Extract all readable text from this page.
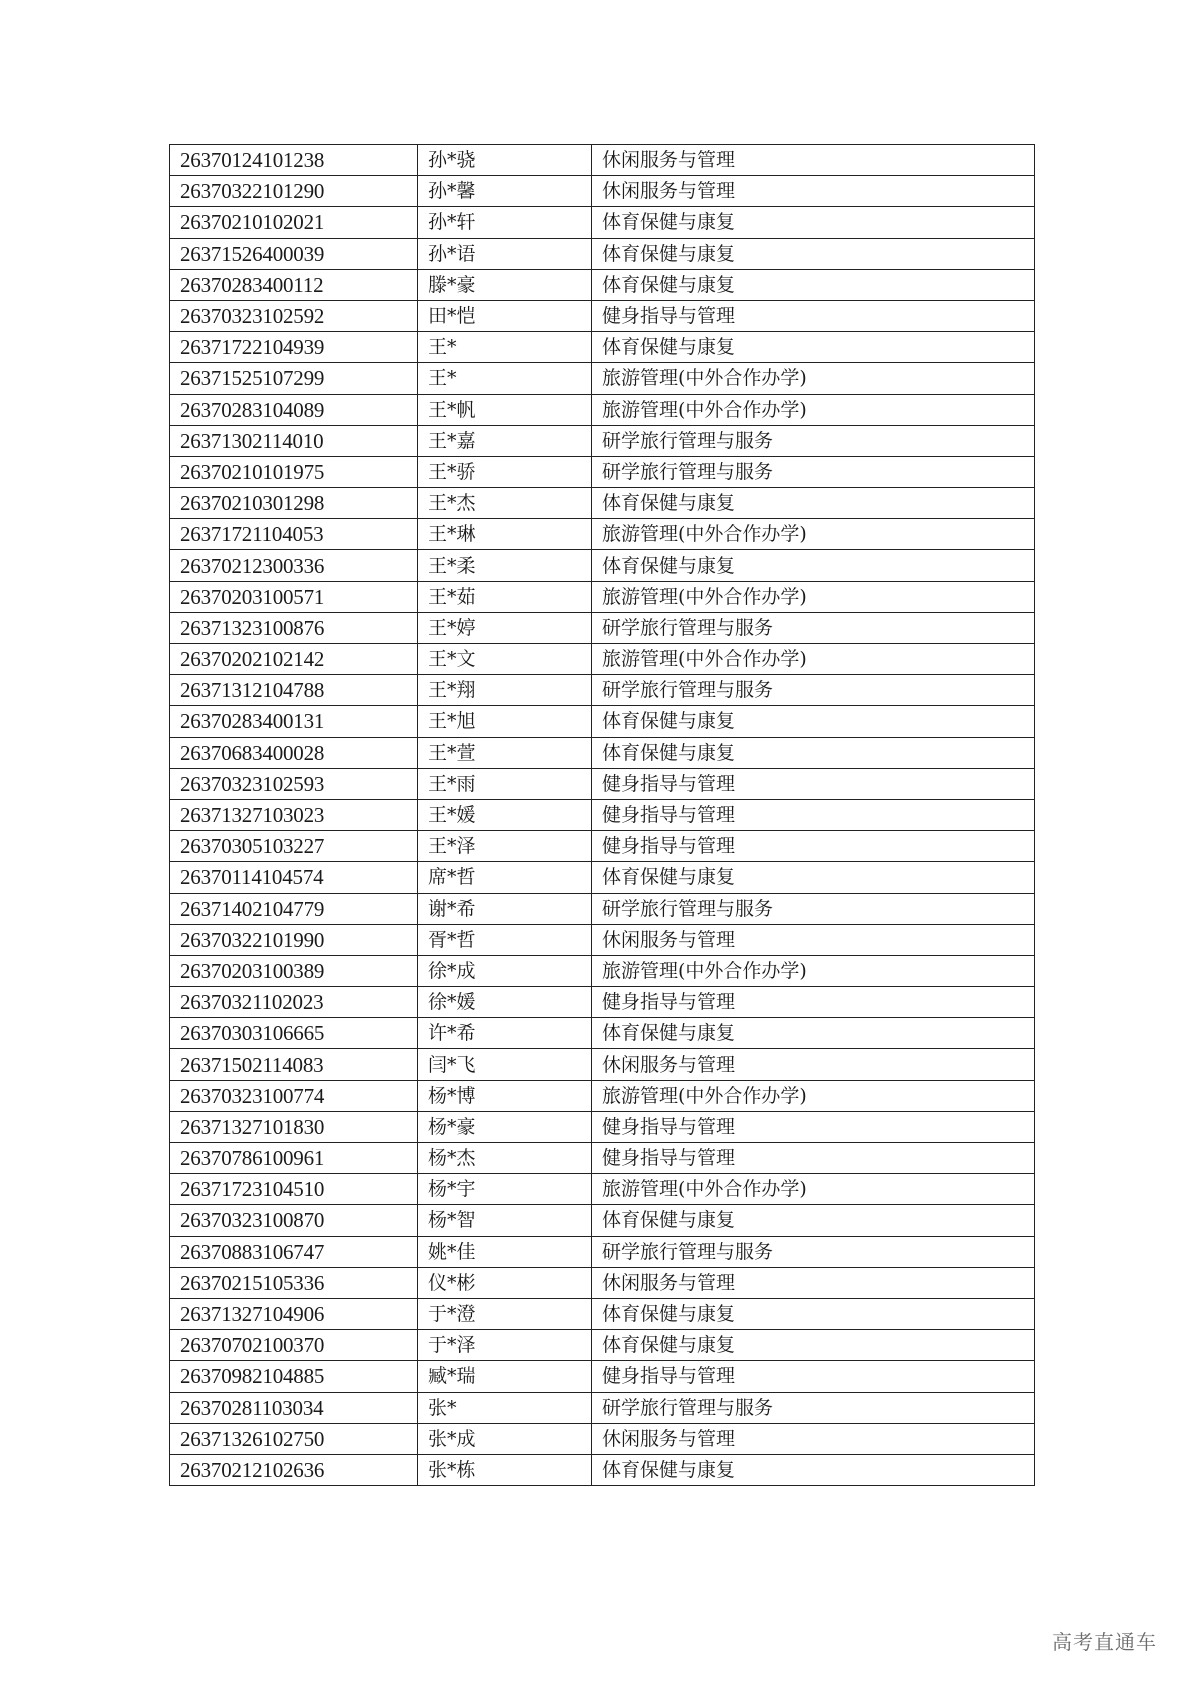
26370124101238	孙*骁	休闲服务与管理
26370322101290	孙*馨	休闲服务与管理
26370210102021	孙*轩	体育保健与康复
26371526400039	孙*语	体育保健与康复
26370283400112	滕*豪	体育保健与康复
26370323102592	田*恺	健身指导与管理
26371722104939	王*	体育保健与康复
26371525107299	王*	旅游管理(中外合作办学)
26370283104089	王*帆	旅游管理(中外合作办学)
26371302114010	王*嘉	研学旅行管理与服务
26370210101975	王*骄	研学旅行管理与服务
26370210301298	王*杰	体育保健与康复
26371721104053	王*琳	旅游管理(中外合作办学)
26370212300336	王*柔	体育保健与康复
26370203100571	王*茹	旅游管理(中外合作办学)
26371323100876	王*婷	研学旅行管理与服务
26370202102142	王*文	旅游管理(中外合作办学)
26371312104788	王*翔	研学旅行管理与服务
26370283400131	王*旭	体育保健与康复
26370683400028	王*萱	体育保健与康复
26370323102593	王*雨	健身指导与管理
26371327103023	王*媛	健身指导与管理
26370305103227	王*泽	健身指导与管理
26370114104574	席*哲	体育保健与康复
26371402104779	谢*希	研学旅行管理与服务
26370322101990	胥*哲	休闲服务与管理
26370203100389	徐*成	旅游管理(中外合作办学)
26370321102023	徐*媛	健身指导与管理
26370303106665	许*希	体育保健与康复
26371502114083	闫*飞	休闲服务与管理
26370323100774	杨*博	旅游管理(中外合作办学)
26371327101830	杨*豪	健身指导与管理
26370786100961	杨*杰	健身指导与管理
26371723104510	杨*宇	旅游管理(中外合作办学)
26370323100870	杨*智	体育保健与康复
26370883106747	姚*佳	研学旅行管理与服务
26370215105336	仪*彬	休闲服务与管理
26371327104906	于*澄	体育保健与康复
26370702100370	于*泽	体育保健与康复
26370982104885	臧*瑞	健身指导与管理
26370281103034	张*	研学旅行管理与服务
26371326102750	张*成	休闲服务与管理
26370212102636	张*栋	体育保健与康复
高考直通车
